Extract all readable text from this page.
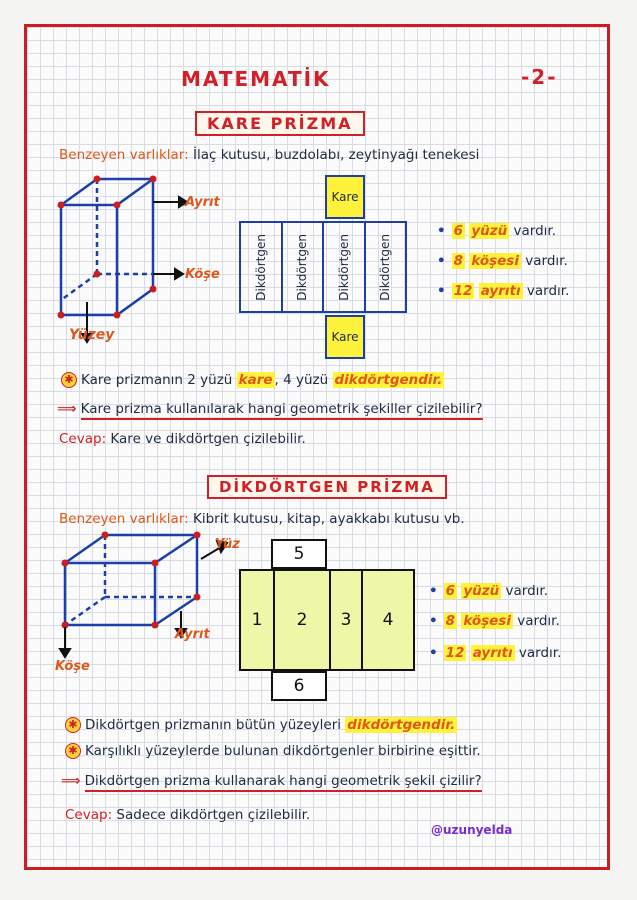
MATEMATİK	-2-
KARE PRİZMA
Benzeyen varlıklar: İlaç kutusu, buzdolabı, zeytinyağı tenekesi
Ayrıt
Köşe
Yüzey
Kare
Dikdörtgen Dikdörtgen Dikdörtgen Dikdörtgen
Kare
• 6 yüzü vardır.
• 8 köşesi vardır.
• 12 ayrıtı vardır.
✱ Kare prizmanın 2 yüzü kare , 4 yüzü dikdörtgendir.
⟹ Kare prizma kullanılarak hangi geometrik şekiller çizilebilir?
Cevap: Kare ve dikdörtgen çizilebilir.
DİKDÖRTGEN PRİZMA
Benzeyen varlıklar: Kibrit kutusu, kitap, ayakkabı kutusu vb.
Yüz
Ayrıt
Köşe
5
1	2	3	4
6
• 6 yüzü vardır.
• 8 köşesi vardır.
• 12 ayrıtı vardır.
✱ Dikdörtgen prizmanın bütün yüzeyleri dikdörtgendir.
✱ Karşılıklı yüzeylerde bulunan dikdörtgenler birbirine eşittir.
⟹ Dikdörtgen prizma kullanarak hangi geometrik şekil çizilir?
Cevap: Sadece dikdörtgen çizilebilir.
@uzunyelda
